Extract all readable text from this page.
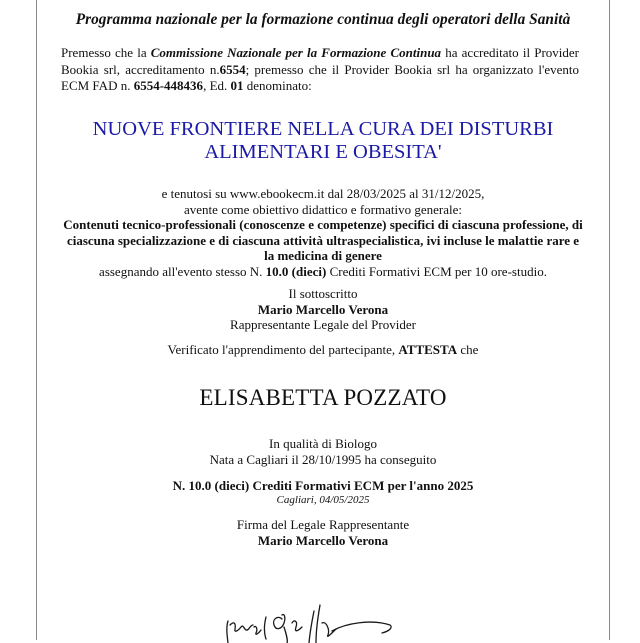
Programma nazionale per la formazione continua degli operatori della Sanità
Premesso che la Commissione Nazionale per la Formazione Continua ha accreditato il Provider Bookia srl, accreditamento n.6554; premesso che il Provider Bookia srl ha organizzato l'evento ECM FAD n. 6554-448436, Ed. 01 denominato:
NUOVE FRONTIERE NELLA CURA DEI DISTURBI
ALIMENTARI E OBESITA'
e tenutosi su www.ebookecm.it dal 28/03/2025 al 31/12/2025,
avente come obiettivo didattico e formativo generale:
Contenuti tecnico-professionali (conoscenze e competenze) specifici di ciascuna professione, di
ciascuna specializzazione e di ciascuna attività ultraspecialistica, ivi incluse le malattie rare e
la medicina di genere
assegnando all'evento stesso N. 10.0 (dieci) Crediti Formativi ECM per 10 ore-studio.
Il sottoscritto
Mario Marcello Verona
Rappresentante Legale del Provider
Verificato l'apprendimento del partecipante, ATTESTA che
ELISABETTA POZZATO
In qualità di Biologo
Nata a Cagliari il 28/10/1995 ha conseguito
N. 10.0 (dieci) Crediti Formativi ECM per l'anno 2025
Cagliari, 04/05/2025
Firma del Legale Rappresentante
Mario Marcello Verona
